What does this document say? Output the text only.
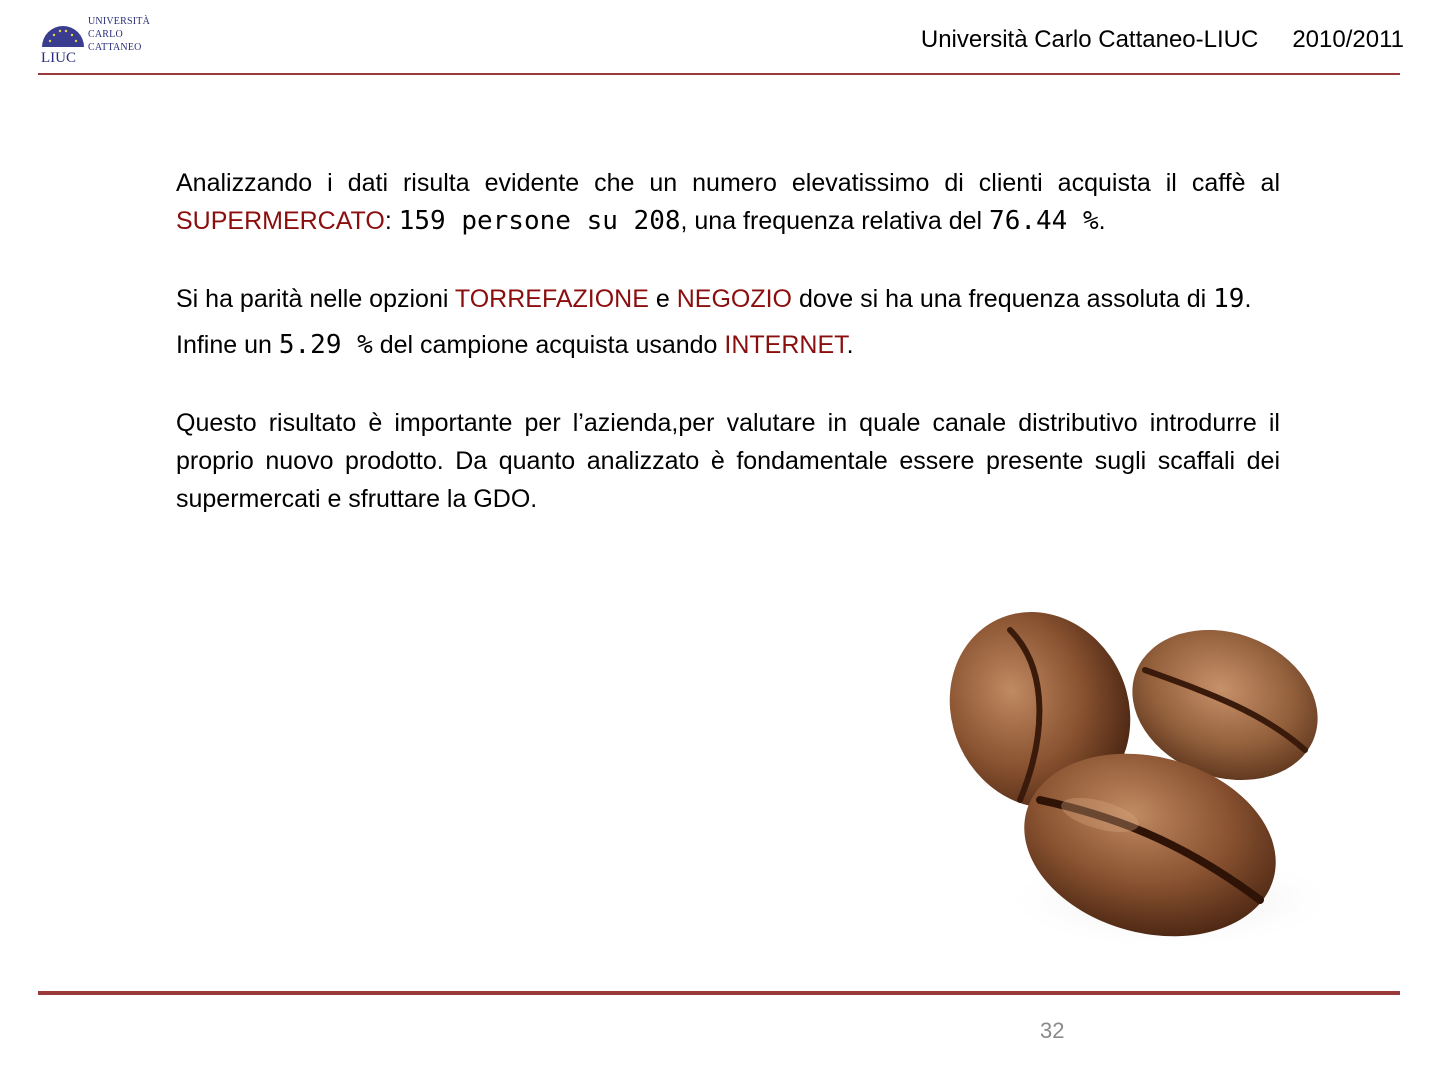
LIUC
UNIVERSITÀ
CARLO
CATTANEO	Università Carlo Cattaneo-LIUC 2010/2011

Analizzando i dati risulta evidente che un numero elevatissimo di clienti acquista il caffè al SUPERMERCATO: 159 persone su 208, una frequenza relativa del 76.44 %.

Si ha parità nelle opzioni TORREFAZIONE e NEGOZIO dove si ha una frequenza assoluta di 19.

Infine un 5.29 % del campione acquista usando INTERNET.

Questo risultato è importante per l’azienda,per valutare in quale canale distributivo introdurre il proprio nuovo prodotto. Da quanto analizzato è fondamentale essere presente sugli scaffali dei supermercati e sfruttare la GDO.

32
